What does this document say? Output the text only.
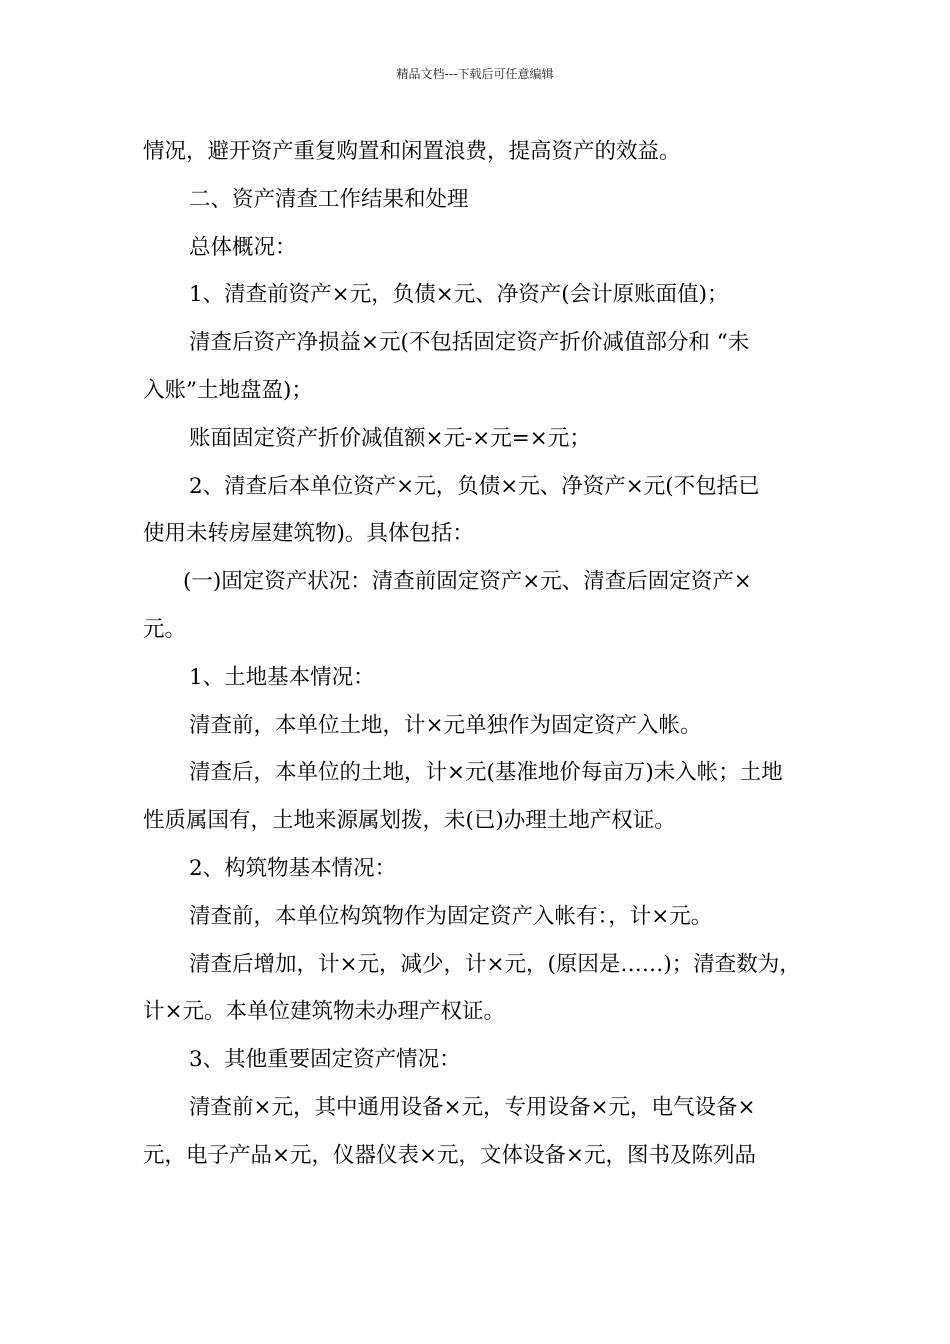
精品文档---下载后可任意编辑
情况，避开资产重复购置和闲置浪费，提高资产的效益。
二、资产清查工作结果和处理
总体概况：
1、清查前资产×元，负债×元、净资产(会计原账面值)；
清查后资产净损益×元(不包括固定资产折价减值部分和 “未
入账”土地盘盈)；
账面固定资产折价减值额×元-×元=×元；
2、清查后本单位资产×元，负债×元、净资产×元(不包括已
使用未转房屋建筑物)。具体包括：
(一)固定资产状况：清查前固定资产×元、清查后固定资产×
元。
1、土地基本情况：
清查前，本单位土地，计×元单独作为固定资产入帐。
清查后，本单位的土地，计×元(基准地价每亩万)未入帐；土地
性质属国有，土地来源属划拨，未(已)办理土地产权证。
2、构筑物基本情况：
清查前，本单位构筑物作为固定资产入帐有：，计×元。
清查后增加，计×元，减少，计×元，(原因是……)；清查数为，
计×元。本单位建筑物未办理产权证。
3、其他重要固定资产情况：
清查前×元，其中通用设备×元，专用设备×元，电气设备×
元，电子产品×元，仪器仪表×元，文体设备×元，图书及陈列品
